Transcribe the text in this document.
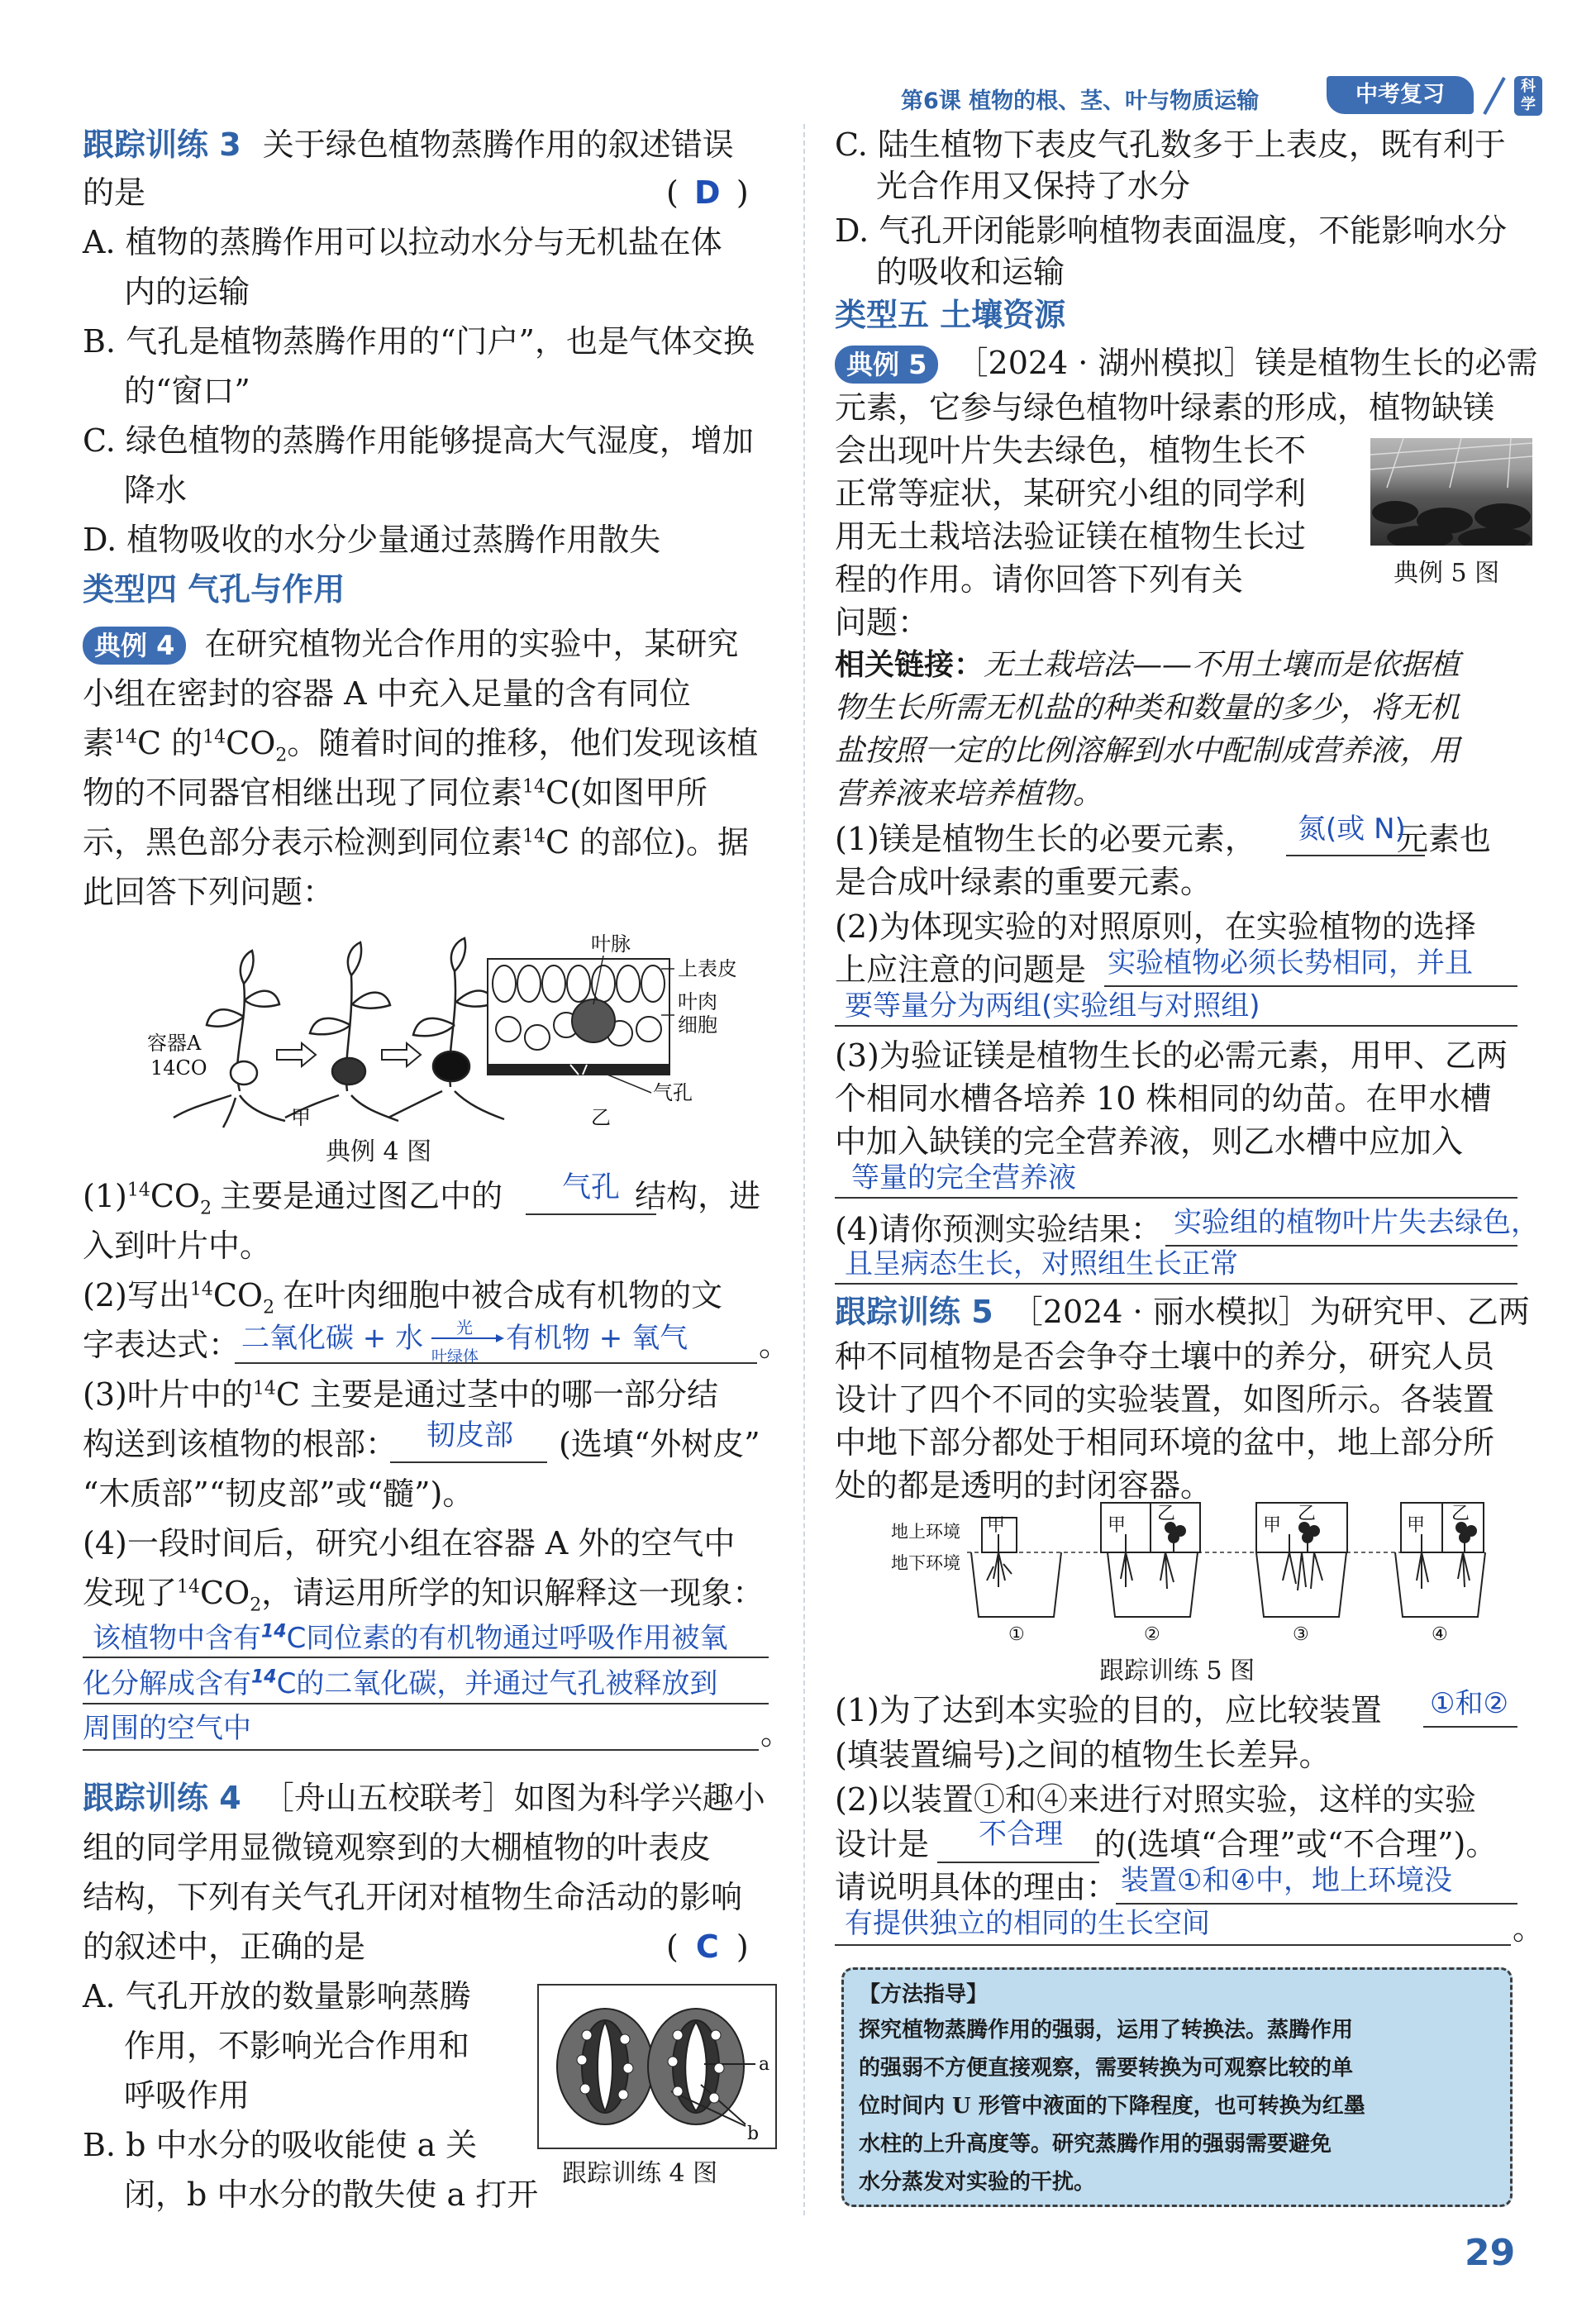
第6课 植物的根、茎、叶与物质运输	中考复习	科学
跟踪训练 3 关于绿色植物蒸腾作用的叙述错误
的是	( D )
A. 植物的蒸腾作用可以拉动水分与无机盐在体
内的运输
B. 气孔是植物蒸腾作用的“门户”，也是气体交换
的“窗口”
C. 绿色植物的蒸腾作用能够提高大气湿度，增加
降水
D. 植物吸收的水分少量通过蒸腾作用散失
类型四 气孔与作用
典例 4 在研究植物光合作用的实验中，某研究
小组在密封的容器 A 中充入足量的含有同位
素$^{14}$C 的$^{14}CO_2$。随着时间的推移，他们发现该植
物的不同器官相继出现了同位素$^{14}$C(如图甲所
示，黑色部分表示检测到同位素$^{14}$C 的部位)。据
此回答下列问题：
容器A
14CO
甲	乙
叶脉
上表皮
叶肉
细胞
气孔
典例 4 图
$(1)^{14}CO_2$ 主要是通过图乙中的	结构，进
气孔
入到叶片中。
(2)写出$^{14}CO_2$ 在叶肉细胞中被合成有机物的文
字表达式： 二氧化碳 + 水 光
叶绿体
有机物 + 氧气 。
(3)叶片中的$^{14}$C 主要是通过茎中的哪一部分结
构送到该植物的根部：	(选填“外树皮”
韧皮部
“木质部”“韧皮部”或“髓”)。
(4)一段时间后，研究小组在容器 A 外的空气中
发现了$^{14}CO_2$，请运用所学的知识解释这一现象：
该植物中含有$^{14}$C同位素的有机物通过呼吸作用被氧
化分解成含有$^{14}$C的二氧化碳，并通过气孔被释放到
周围的空气中	。
跟踪训练 4 ［舟山五校联考］如图为科学兴趣小
组的同学用显微镜观察到的大棚植物的叶表皮
结构，下列有关气孔开闭对植物生命活动的影响
的叙述中，正确的是	( C )
A. 气孔开放的数量影响蒸腾
作用，不影响光合作用和
呼吸作用
B. b 中水分的吸收能使 a 关
闭，b 中水分的散失使 a 打开
a
b
跟踪训练 4 图
C. 陆生植物下表皮气孔数多于上表皮，既有利于
光合作用又保持了水分
D. 气孔开闭能影响植物表面温度，不能影响水分
的吸收和运输
类型五 土壤资源
典例 5 ［2024 · 湖州模拟］镁是植物生长的必需
元素，它参与绿色植物叶绿素的形成，植物缺镁
会出现叶片失去绿色，植物生长不
正常等症状，某研究小组的同学利
用无土栽培法验证镁在植物生长过
程的作用。请你回答下列有关
问题：
典例 5 图
相关链接：无土栽培法——不用土壤而是依据植
物生长所需无机盐的种类和数量的多少，将无机
盐按照一定的比例溶解到水中配制成营养液，用
营养液来培养植物。
(1)镁是植物生长的必要元素，	元素也
氮(或 N)
是合成叶绿素的重要元素。
(2)为体现实验的对照原则，在实验植物的选择
上应注意的问题是 实验植物必须长势相同，并且
要等量分为两组(实验组与对照组)
(3)为验证镁是植物生长的必需元素，用甲、乙两
个相同水槽各培养 10 株相同的幼苗。在甲水槽
中加入缺镁的完全营养液，则乙水槽中应加入
等量的完全营养液
(4)请你预测实验结果： 实验组的植物叶片失去绿色，
且呈病态生长，对照组生长正常
跟踪训练 5 ［2024 · 丽水模拟］为研究甲、乙两
种不同植物是否会争夺土壤中的养分，研究人员
设计了四个不同的实验装置，如图所示。各装置
中地下部分都处于相同环境的盆中，地上部分所
处的都是透明的封闭容器。
地上环境
地下环境
甲	甲
乙
甲
乙
甲
乙
①	②	③	④
跟踪训练 5 图
(1)为了达到本实验的目的，应比较装置 ①和②
(填装置编号)之间的植物生长差异。
(2)以装置①和④来进行对照实验，这样的实验
设计是	的(选填“合理”或“不合理”)。
不合理
请说明具体的理由： 装置①和④中，地上环境没
有提供独立的相同的生长空间	。
【方法指导】
探究植物蒸腾作用的强弱，运用了转换法。蒸腾作用
的强弱不方便直接观察，需要转换为可观察比较的单
位时间内 U 形管中液面的下降程度，也可转换为红墨
水柱的上升高度等。研究蒸腾作用的强弱需要避免
水分蒸发对实验的干扰。
29
